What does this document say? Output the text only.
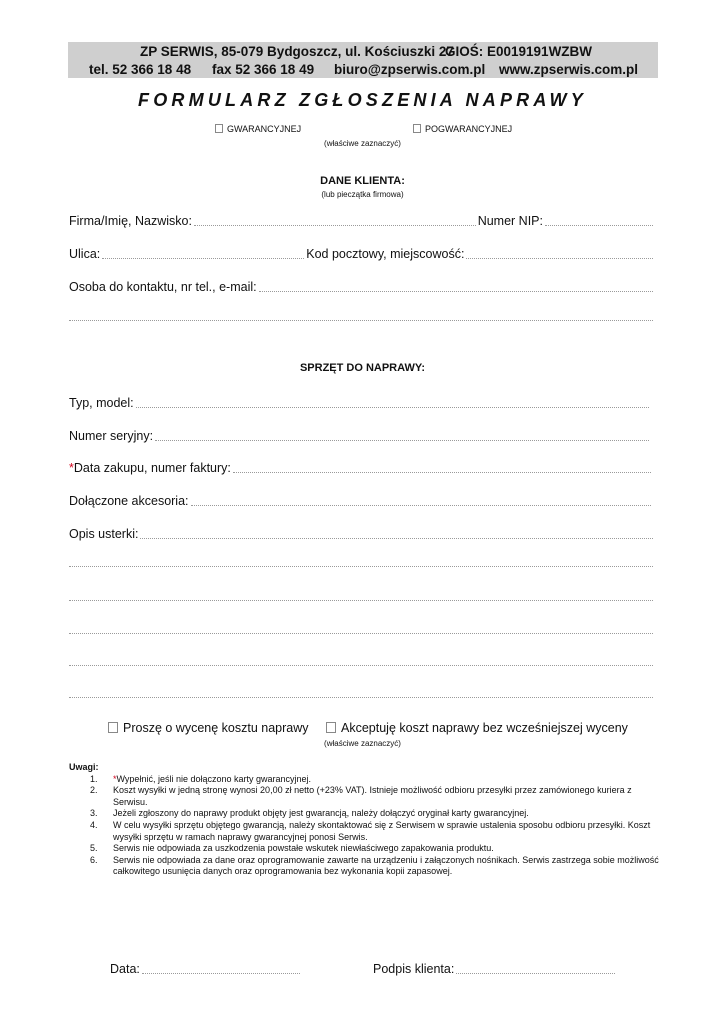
ZP SERWIS, 85-079 Bydgoszcz, ul. Kościuszki 27
GIOŚ: E0019191WZBW
tel. 52 366 18 48 fax 52 366 18 49 biuro@zpserwis.com.pl www.zpserwis.com.pl
FORMULARZ ZGŁOSZENIA NAPRAWY
GWARANCYJNEJ	POGWARANCYJNEJ
(właściwe zaznaczyć)
DANE KLIENTA:
(lub pieczątka firmowa)
Firma/Imię, Nazwisko:	Numer NIP:
Ulica:	Kod pocztowy, miejscowość:
Osoba do kontaktu, nr tel., e-mail:
SPRZĘT DO NAPRAWY:
Typ, model:
Numer seryjny:
* Data zakupu, numer faktury:
Dołączone akcesoria:
Opis usterki:
Proszę o wycenę kosztu naprawy	Akceptuję koszt naprawy bez wcześniejszej wyceny
(właściwe zaznaczyć)
Uwagi:
1. *Wypełnić, jeśli nie dołączono karty gwarancyjnej.
2. Koszt wysyłki w jedną stronę wynosi 20,00 zł netto (+23% VAT). Istnieje możliwość odbioru przesyłki przez zamówionego kuriera z Serwisu.
3. Jeżeli zgłoszony do naprawy produkt objęty jest gwarancją, należy dołączyć oryginał karty gwarancyjnej.
4. W celu wysyłki sprzętu objętego gwarancją, należy skontaktować się z Serwisem w sprawie ustalenia sposobu odbioru przesyłki. Koszt wysyłki sprzętu w ramach naprawy gwarancyjnej ponosi Serwis.
5. Serwis nie odpowiada za uszkodzenia powstałe wskutek niewłaściwego zapakowania produktu.
6. Serwis nie odpowiada za dane oraz oprogramowanie zawarte na urządzeniu i załączonych nośnikach. Serwis zastrzega sobie możliwość całkowitego usunięcia danych oraz oprogramowania bez wykonania kopii zapasowej.
Data:	Podpis klienta:
